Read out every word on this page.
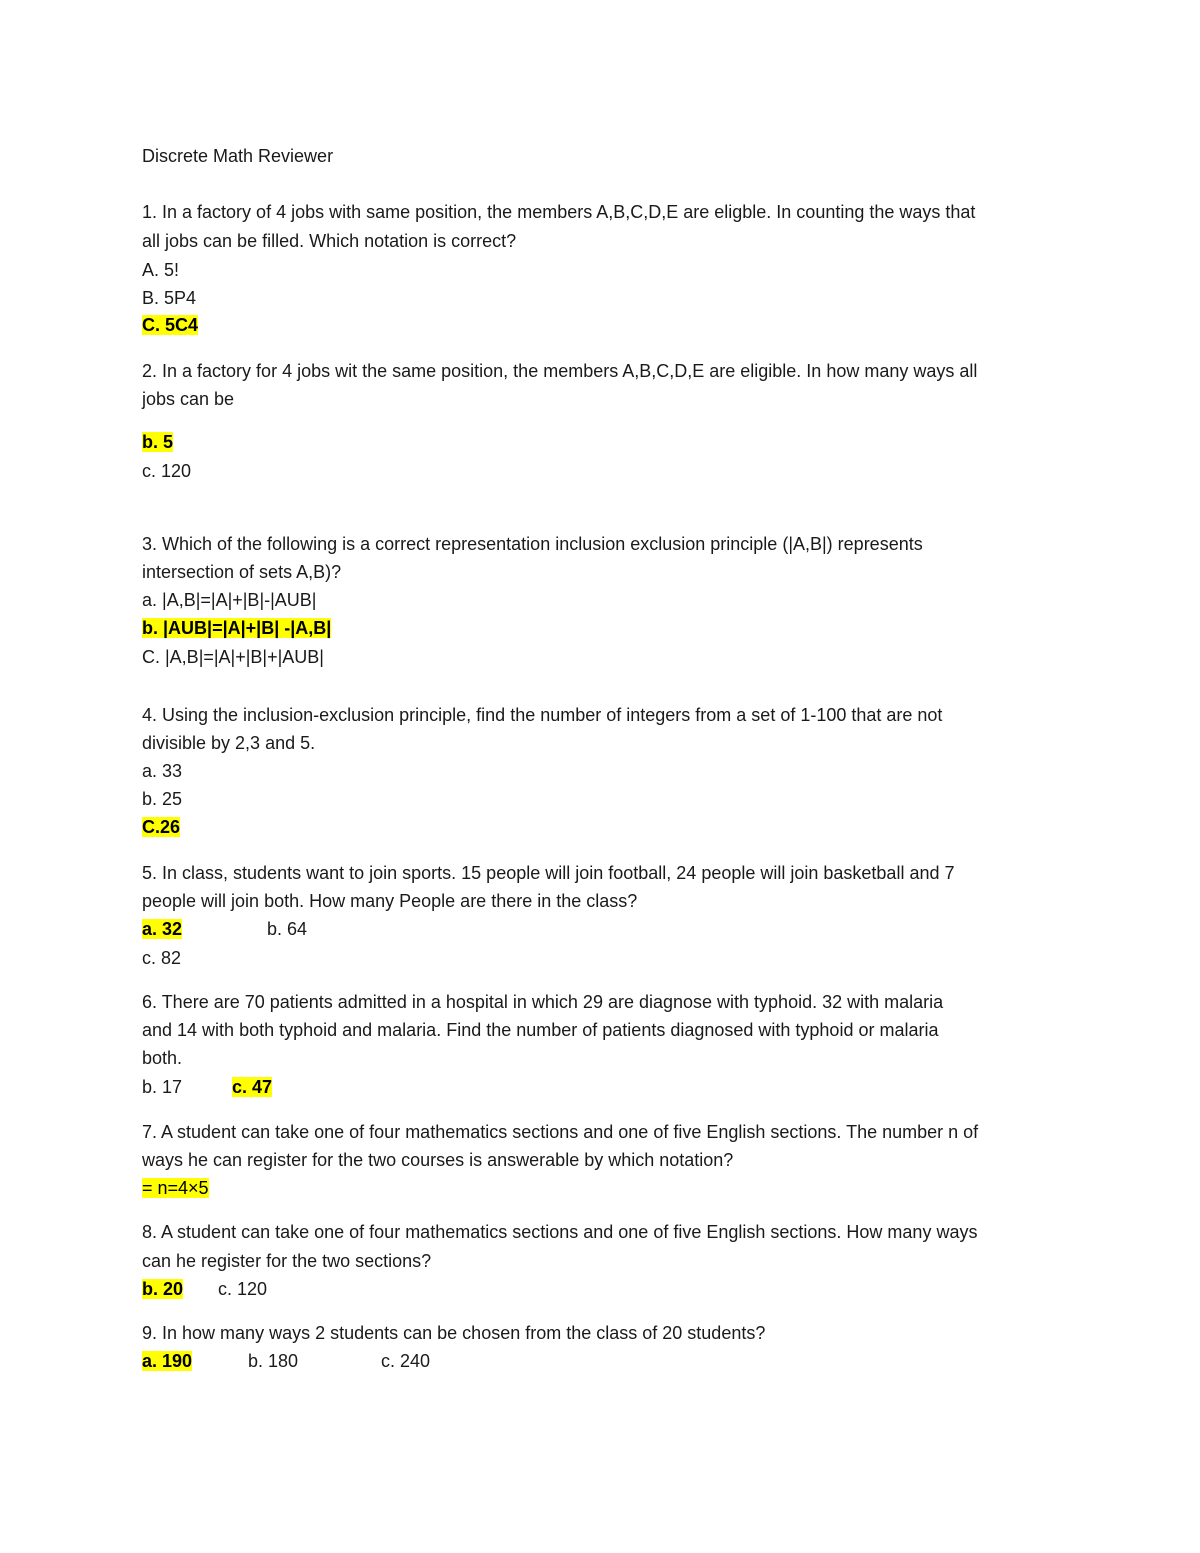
Discrete Math Reviewer

1. In a factory of 4 jobs with same position, the members A,B,C,D,E are eligble. In counting the ways that

all jobs can be filled. Which notation is correct?

A. 5!

B. 5P4

C. 5C4

2. In a factory for 4 jobs wit the same position, the members A,B,C,D,E are eligible. In how many ways all

jobs can be

b. 5

c. 120

3. Which of the following is a correct representation inclusion exclusion principle (|A,B|) represents

intersection of sets A,B)?

a. |A,B|=|A|+|B|-|AUB|

b. |AUB|=|A|+|B| -|A,B|

C. |A,B|=|A|+|B|+|AUB|

4. Using the inclusion-exclusion principle, find the number of integers from a set of 1-100 that are not

divisible by 2,3 and 5.

a. 33

b. 25

C.26

5. In class, students want to join sports. 15 people will join football, 24 people will join basketball and 7

people will join both. How many People are there in the class?

a. 32	b. 64

c. 82

6. There are 70 patients admitted in a hospital in which 29 are diagnose with typhoid. 32 with malaria

and 14 with both typhoid and malaria. Find the number of patients diagnosed with typhoid or malaria

both.

b. 17	c. 47

7. A student can take one of four mathematics sections and one of five English sections. The number n of

ways he can register for the two courses is answerable by which notation?

= n=4×5

8. A student can take one of four mathematics sections and one of five English sections. How many ways

can he register for the two sections?

b. 20 c. 120

9. In how many ways 2 students can be chosen from the class of 20 students?

a. 190	b. 180	c. 240
